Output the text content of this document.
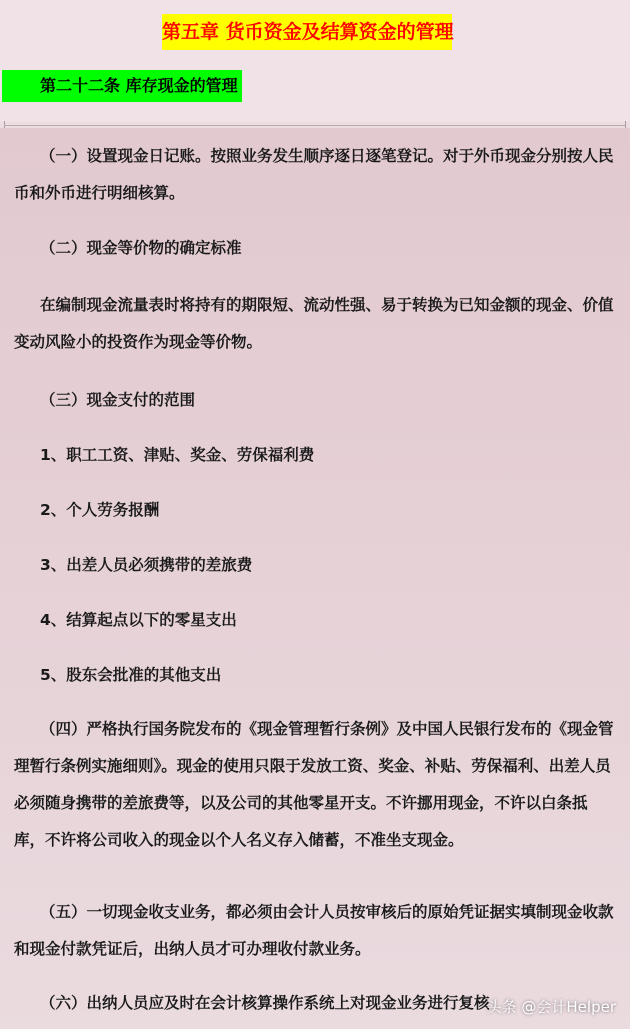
第五章 货币资金及结算资金的管理
第二十二条 库存现金的管理

（一）设置现金日记账。按照业务发生顺序逐日逐笔登记。对于外币现金分别按人民币和外币进行明细核算。

（二）现金等价物的确定标准

在编制现金流量表时将持有的期限短、流动性强、易于转换为已知金额的现金、价值变动风险小的投资作为现金等价物。

（三）现金支付的范围

1、职工工资、津贴、奖金、劳保福利费

2、个人劳务报酬

3、出差人员必须携带的差旅费

4、结算起点以下的零星支出

5、股东会批准的其他支出

（四）严格执行国务院发布的《现金管理暂行条例》及中国人民银行发布的《现金管理暂行条例实施细则》。现金的使用只限于发放工资、奖金、补贴、劳保福利、出差人员必须随身携带的差旅费等，以及公司的其他零星开支。不许挪用现金，不许以白条抵库，不许将公司收入的现金以个人名义存入储蓄，不准坐支现金。

（五）一切现金收支业务，都必须由会计人员按审核后的原始凭证据实填制现金收款和现金付款凭证后，出纳人员才可办理收付款业务。

（六）出纳人员应及时在会计核算操作系统上对现金业务进行复核

头条 @会计Helper
